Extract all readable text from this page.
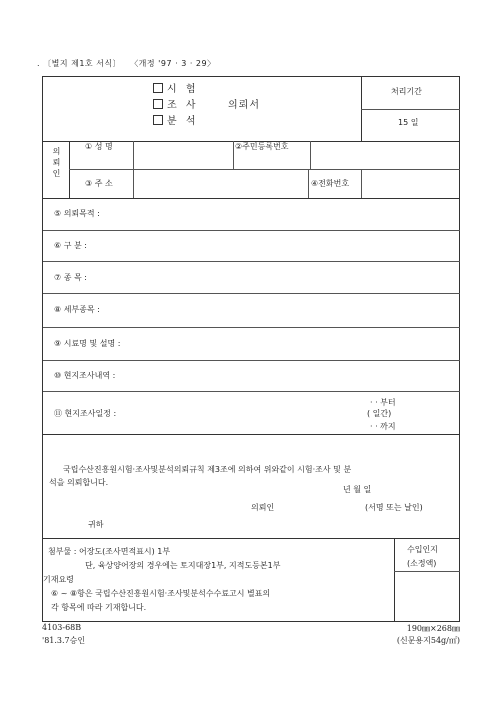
. 〔별지 제1호 서식〕 〈개정 '97 · 3 · 29〉
시 험
조 사
분 석
의뢰서
처리기간
15 일
의뢰인
① 성 명	②주민등록번호
③ 주 소	④전화번호
⑤ 의뢰목적 :
⑥ 구 분 :
⑦ 종 목 :
⑧ 세부종목 :
⑨ 시료명 및 설명 :
⑩ 현지조사내역 :
⑪ 현지조사일정 :
· · 부터
( 일간)
· · 까지
국립수산진흥원시험·조사및분석의뢰규칙 제3조에 의하여 위와같이 시험·조사 및 분
석을 의뢰합니다.
년 월 일
의뢰인	(서명 또는 날인)
귀하
첨부물 : 어장도(조사면적표시) 1부
단, 육상양어장의 경우에는 토지대장1부, 지적도등본1부
기재요령
⑥ ~ ⑧항은 국립수산진흥원시험·조사및분석수수료고시 별표의
각 항목에 따라 기재합니다.
수입인지
(소정액)
4103-68B
'81.3.7승인
190㎜×268㎜
(신문용지54g/㎡)
